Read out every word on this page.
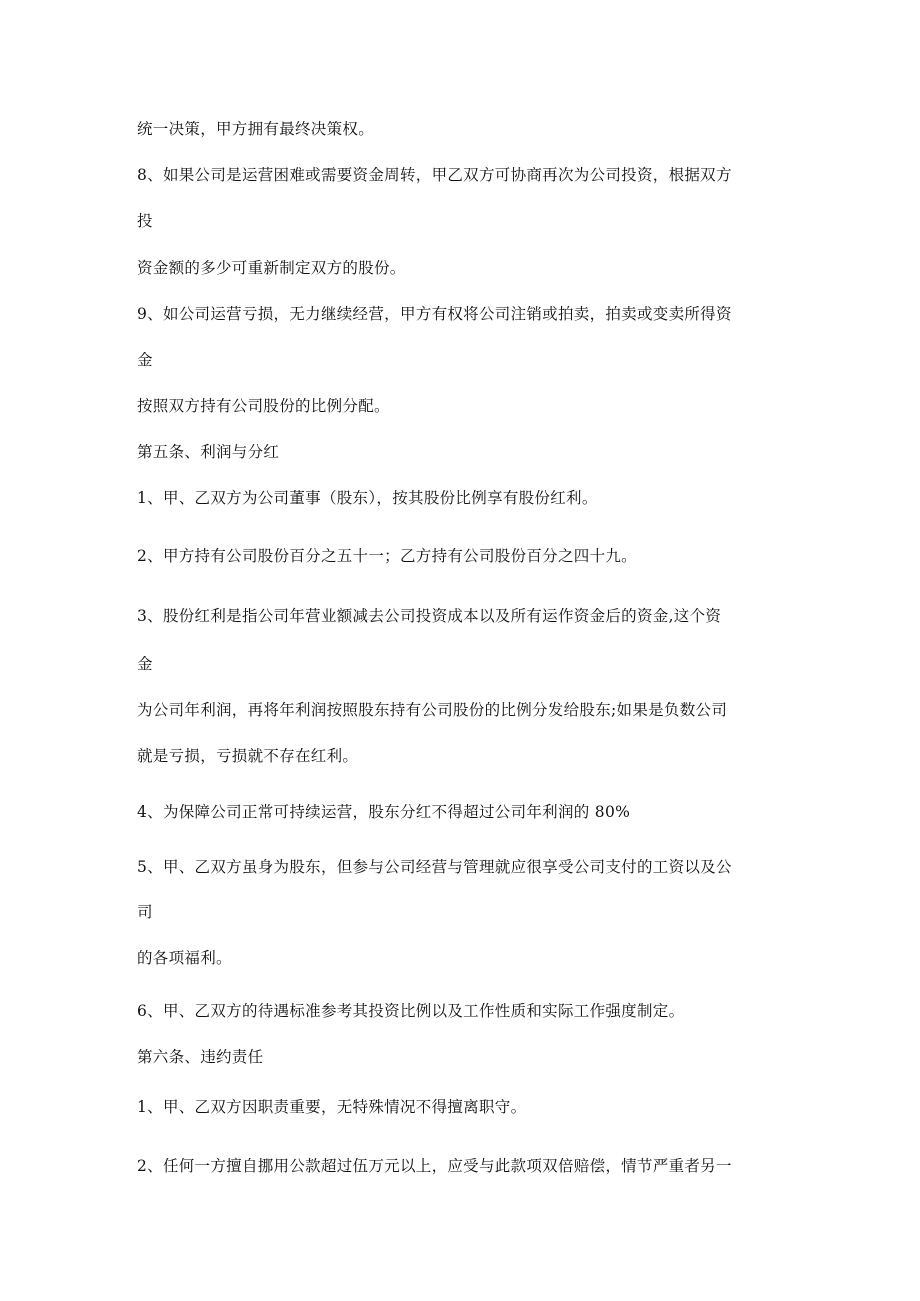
统一决策，甲方拥有最终决策权。
8、如果公司是运营困难或需要资金周转，甲乙双方可协商再次为公司投资，根据双方
投
资金额的多少可重新制定双方的股份。
9、如公司运营亏损，无力继续经营，甲方有权将公司注销或拍卖，拍卖或变卖所得资
金
按照双方持有公司股份的比例分配。
第五条、利润与分红
1、甲、乙双方为公司董事（股东），按其股份比例享有股份红利。
2、甲方持有公司股份百分之五十一；乙方持有公司股份百分之四十九。
3、股份红利是指公司年营业额减去公司投资成本以及所有运作资金后的资金,这个资
金
为公司年利润，再将年利润按照股东持有公司股份的比例分发给股东;如果是负数公司
就是亏损，亏损就不存在红利。
4、为保障公司正常可持续运营，股东分红不得超过公司年利润的 80%
5、甲、乙双方虽身为股东，但参与公司经营与管理就应很享受公司支付的工资以及公
司
的各项福利。
6、甲、乙双方的待遇标准参考其投资比例以及工作性质和实际工作强度制定。
第六条、违约责任
1、甲、乙双方因职责重要，无特殊情况不得擅离职守。
2、任何一方擅自挪用公款超过伍万元以上，应受与此款项双倍赔偿，情节严重者另一
